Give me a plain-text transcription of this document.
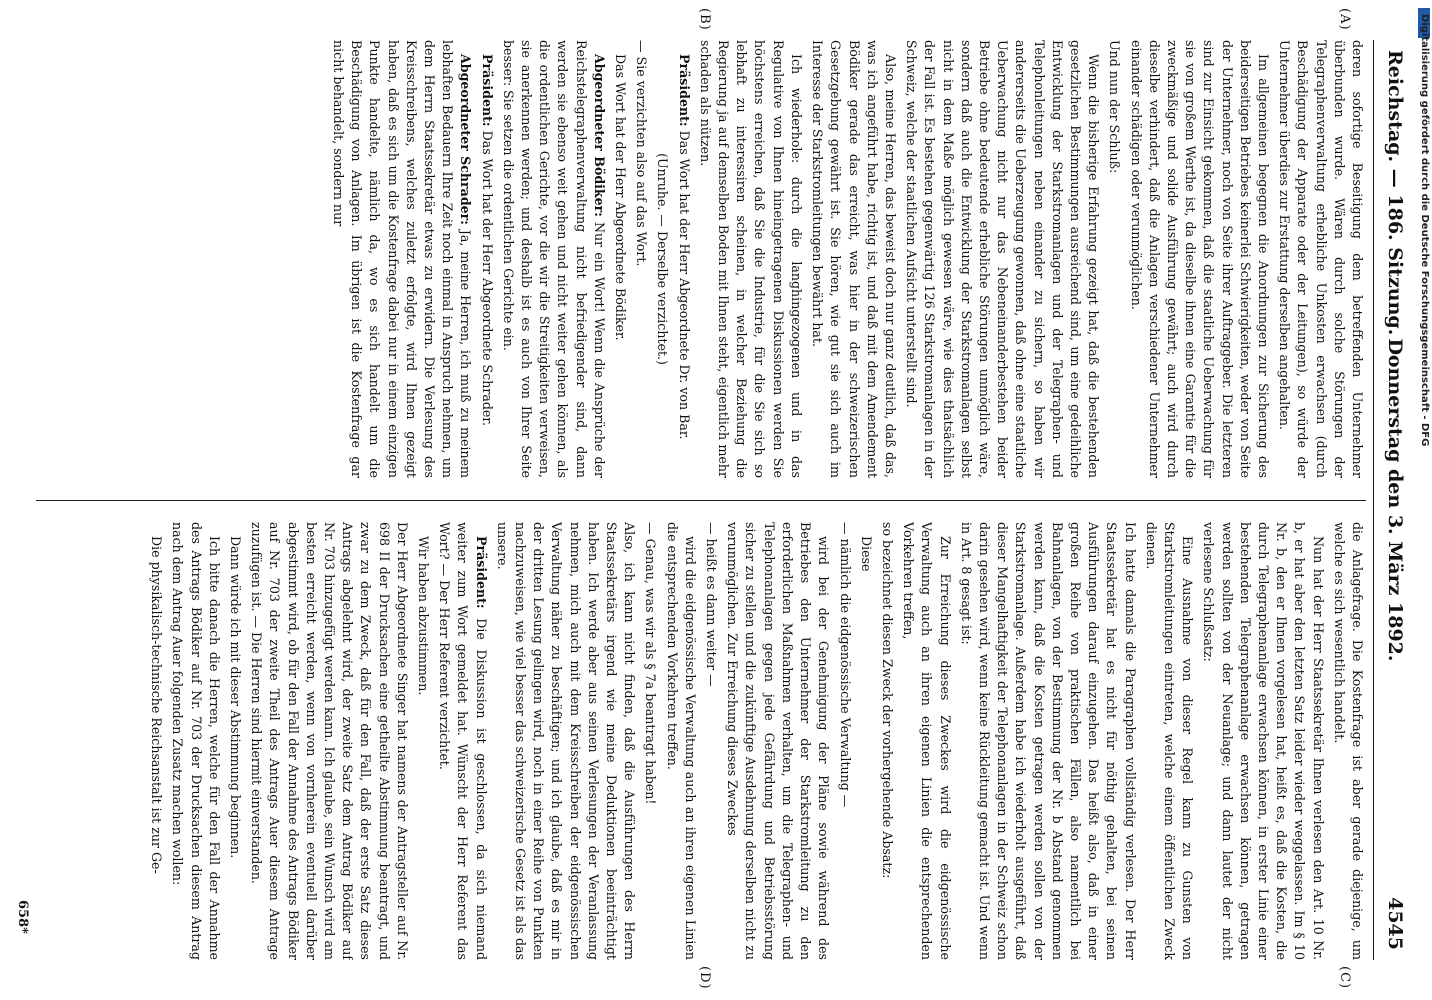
Reichstag. — 186. Sitzung.
Donnerstag den 3. März 1892.
4545
(A)
(B)
(C)
(D)

deren sofortige Beseitigung dem betreffenden Unternehmer überbunden wurde. Wären durch solche Störungen der Telegraphenverwaltung erhebliche Unkosten erwachsen (durch Beschädigung der Apparate oder der Leitungen), so würde der Unternehmer überdies zur Erstattung derselben angehalten.

Im allgemeinen begegnen die Anordnungen zur Sicherung des beiderseitigen Betriebes keinerlei Schwierigkeiten, weder von Seite der Unternehmer, noch von Seite ihrer Auftraggeber. Die letzteren sind zur Einsicht gekommen, daß die staatliche Ueberwachung für sie von großem Werthe ist, da dieselbe ihnen eine Garantie für die zweckmäßige und solide Ausführung gewährt; auch wird durch dieselbe verhindert, daß die Anlagen verschiedener Unternehmer einander schädigen oder verunmöglichen.

Und nun der Schluß:

Wenn die bisherige Erfahrung gezeigt hat, daß die bestehenden gesetzlichen Bestimmungen ausreichend sind, um eine gedeihliche Entwicklung der Starkstromanlagen und der Telegraphen- und Telephonleitungen neben einander zu sichern, so haben wir andererseits die Ueberzeugung gewonnen, daß ohne eine staatliche Ueberwachung nicht nur das Nebeneinanderbestehen beider Betriebe ohne bedeutende erhebliche Störungen unmöglich wäre, sondern daß auch die Entwicklung der Starkstromanlagen selbst nicht in dem Maße möglich gewesen wäre, wie dies thatsächlich der Fall ist. Es bestehen gegenwärtig 126 Starkstromanlagen in der Schweiz, welche der staatlichen Aufsicht unterstellt sind.

Also, meine Herren, das beweist doch nur ganz deutlich, daß das, was ich angeführt habe, richtig ist, und daß mit dem Amendement Bödiker gerade das erreicht, was hier in der schweizerischen Gesetzgebung gewährt ist. Sie hören, wie gut sie sich auch im Interesse der Starkstromleitungen bewährt hat.

Ich wiederhole: durch die langhingezogenen und in das Regulative von Ihnen hineingetragenen Diskussionen werden Sie höchstens erreichen, daß Sie die Industrie, für die Sie sich so lebhaft zu interessiren scheinen, in welcher Beziehung die Regierung ja auf demselben Boden mit Ihnen steht, eigentlich mehr schaden als nützen.

Präsident: Das Wort hat der Herr Abgeordnete Dr. von Bar.

(Unruhe. — Derselbe verzichtet.)

— Sie verzichten also auf das Wort.

Das Wort hat der Herr Abgeordnete Bödiker.

Abgeordneter Bödiker: Nur ein Wort! Wenn die Ansprüche der Reichstelegraphenverwaltung nicht befriedigender sind, dann werden sie ebenso weit gehen und nicht weiter gehen können, als die ordentlichen Gerichte, vor die wir die Streitigkeiten verweisen, sie anerkennen werden; und deshalb ist es auch von Ihrer Seite besser: Sie setzen die ordentlichen Gerichte ein.

Präsident: Das Wort hat der Herr Abgeordnete Schrader.

Abgeordneter Schrader: Ja, meine Herren, ich muß zu meinem lebhaften Bedauern Ihre Zeit noch einmal in Anspruch nehmen, um dem Herrn Staatssekretär etwas zu erwidern. Die Verlesung des Kreisschreibens, welches zuletzt erfolgte, wird Ihnen gezeigt haben, daß es sich um die Kostenfrage dabei nur in einem einzigen Punkte handelte, nämlich da, wo es sich handelt um die Beschädigung von Anlagen. Im übrigen ist die Kostenfrage gar nicht behandelt, sondern nur

die Anlagefrage. Die Kostenfrage ist aber gerade diejenige, um welche es sich wesentlich handelt.

Nun hat der Herr Staatssekretär Ihnen verlesen den Art. 10 Nr. b, er hat aber den letzten Satz leider wieder weggelassen. Im § 10 Nr. b, den er Ihnen vorgelesen hat, heißt es, daß die Kosten, die durch Telegraphenanlage erwachsen können, in erster Linie einer bestehenden Telegraphenanlage erwachsen können, getragen werden sollten von der Neuanlage; und dann lautet der nicht verlesene Schlußsatz:

Eine Ausnahme von dieser Regel kann zu Gunsten von Starkstromleitungen eintreten, welche einem öffentlichen Zweck dienen.

Ich hatte damals die Paragraphen vollständig verlesen. Der Herr Staatssekretär hat es nicht für nöthig gehalten, bei seinen Ausführungen darauf einzugehen. Das heißt also, daß in einer großen Reihe von praktischen Fällen, also namentlich bei Bahnanlagen, von der Bestimmung der Nr. b Abstand genommen werden kann, daß die Kosten getragen werden sollen von der Starkstromanlage. Außerdem habe ich wiederholt ausgeführt, daß dieser Mangelhaftigkeit der Telephonanlagen in der Schweiz schon darin gesehen wird, wenn keine Rückleitung gemacht ist. Und wenn in Art. 8 gesagt ist:

Zur Erreichung dieses Zweckes wird die eidgenössische Verwaltung auch an ihren eigenen Linien die entsprechenden Vorkehren treffen,

so bezeichnet diesen Zweck der vorhergehende Absatz:

Diese

— nämlich die eidgenössische Verwaltung —

wird bei der Genehmigung der Pläne sowie während des Betriebes den Unternehmer der Starkstromleitung zu den erforderlichen Maßnahmen verhalten, um die Telegraphen- und Telephonanlagen gegen jede Gefährdung und Betriebsstörung sicher zu stellen und die zukünftige Ausdehnung derselben nicht zu verunmöglichen. Zur Erreichung dieses Zweckes

— heißt es dann weiter —

wird die eidgenössische Verwaltung auch an ihren eigenen Linien die entsprechenden Vorkehren treffen.

— Genau, was wir als § 7a beantragt haben!

Also, ich kann nicht finden, daß die Ausführungen des Herrn Staatssekretärs irgend wie meine Deduktionen beeinträchtigt haben. Ich werde aber aus seinen Verlesungen der Veranlassung nehmen, mich auch mit dem Kreisschreiben der eidgenössischen Verwaltung näher zu beschäftigen; und ich glaube, daß es mir in der dritten Lesung gelingen wird, noch in einer Reihe von Punkten nachzuweisen, wie viel besser das schweizerische Gesetz ist als das unsere.

Präsident: Die Diskussion ist geschlossen, da sich niemand weiter zum Wort gemeldet hat. Wünscht der Herr Referent das Wort? — Der Herr Referent verzichtet.

Wir haben abzustimmen.

Der Herr Abgeordnete Singer hat namens der Antragsteller auf Nr. 698 II der Drucksachen eine getheilte Abstimmung beantragt, und zwar zu dem Zweck, daß für den Fall, daß der erste Satz dieses Antrags abgelehnt wird, der zweite Satz dem Antrag Bödiker auf Nr. 703 hinzugefügt werden kann. Ich glaube, sein Wunsch wird am besten erreicht werden, wenn von vornherein eventuell darüber abgestimmt wird, ob für den Fall der Annahme des Antrags Bödiker auf Nr. 703 der zweite Theil des Antrags Auer diesem Antrage zuzufügen ist. — Die Herren sind hiermit einverstanden.

Dann würde ich mit dieser Abstimmung beginnen.

Ich bitte danach die Herren, welche für den Fall der Annahme des Antrags Bödiker auf Nr. 703 der Drucksachen diesem Antrag nach dem Antrag Auer folgenden Zusatz machen wollen:

Die physikalisch-technische Reichsanstalt ist zur Ge-

658*
Digitalisierung gefördert durch die Deutsche Forschungsgemeinschaft - DFG
